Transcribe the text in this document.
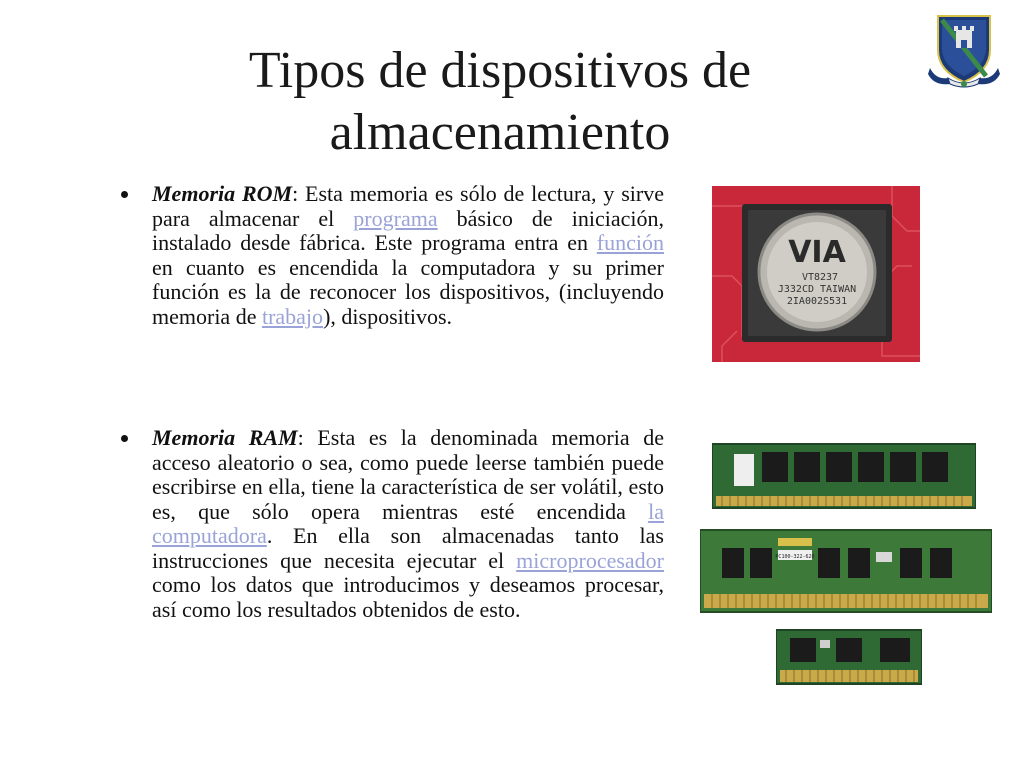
Tipos de dispositivos de
almacenamiento
Memoria ROM: Esta memoria es sólo de lectura, y sirve para almacenar el programa básico de iniciación, instalado desde fábrica. Este programa entra en función en cuanto es encendida la computadora y su primer función es la de reconocer los dispositivos, (incluyendo memoria de trabajo), dispositivos.
Memoria RAM: Esta es la denominada memoria de acceso aleatorio o sea, como puede leerse también puede escribirse en ella, tiene la característica de ser volátil, esto es, que sólo opera mientras esté encendida la computadora. En ella son almacenadas tanto las instrucciones que necesita ejecutar el microprocesador como los datos que introducimos y deseamos procesar, así como los resultados obtenidos de esto.
VIA
VT8237
J332CD TAIWAN
2IA002S531
PC100-322-620
